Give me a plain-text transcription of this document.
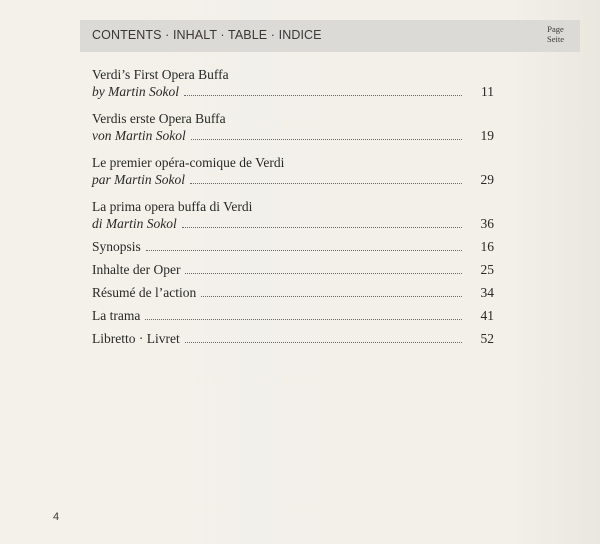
CONTENTS · INHALT · TABLE · INDICE	Page
Seite
Verdi’s First Opera Buffa
by Martin Sokol	11
Verdis erste Opera Buffa
von Martin Sokol	19
Le premier opéra-comique de Verdi
par Martin Sokol	29
La prima opera buffa di Verdi
di Martin Sokol	36
Synopsis	16
Inhalte der Oper	25
Résumé de l’action	34
La trama	41
Libretto · Livret	52
4
